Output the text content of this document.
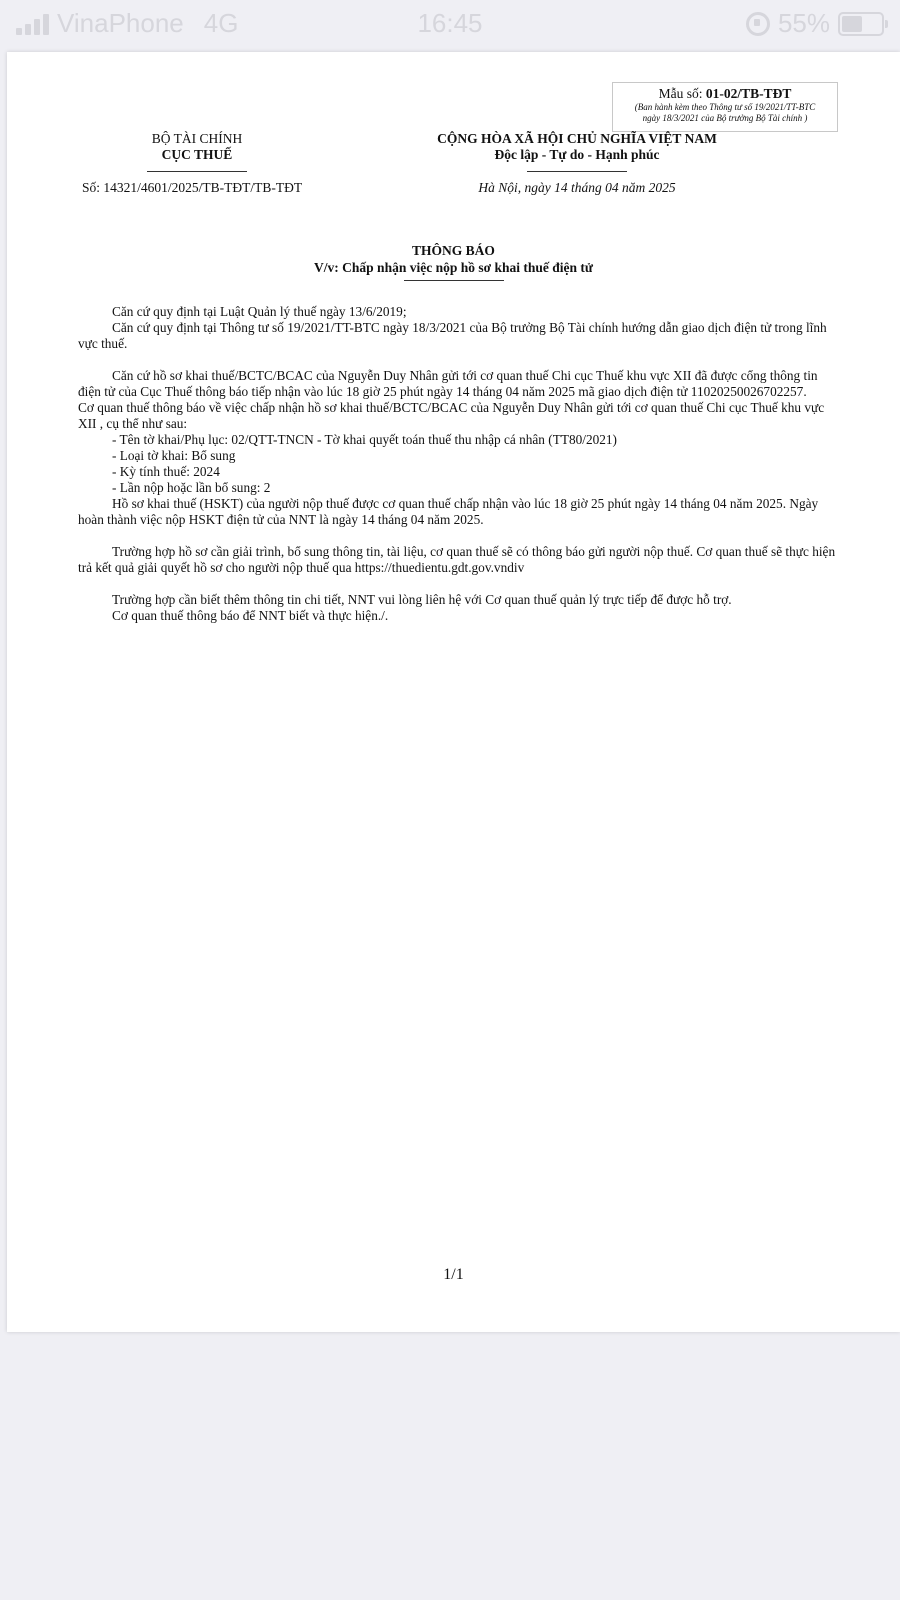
VinaPhone 4G	16:45	55%
Mẫu số: 01-02/TB-TĐT
(Ban hành kèm theo Thông tư số 19/2021/TT-BTC
ngày 18/3/2021 của Bộ trưởng Bộ Tài chính )
BỘ TÀI CHÍNH
CỤC THUẾ
CỘNG HÒA XÃ HỘI CHỦ NGHĨA VIỆT NAM
Độc lập - Tự do - Hạnh phúc
Số: 14321/4601/2025/TB-TĐT/TB-TĐT	Hà Nội, ngày 14 tháng 04 năm 2025
THÔNG BÁO
V/v: Chấp nhận việc nộp hồ sơ khai thuế điện tử

Căn cứ quy định tại Luật Quản lý thuế ngày 13/6/2019;

Căn cứ quy định tại Thông tư số 19/2021/TT-BTC ngày 18/3/2021 của Bộ trưởng Bộ Tài chính hướng dẫn giao dịch điện tử trong lĩnh vực thuế.

Căn cứ hồ sơ khai thuế/BCTC/BCAC của Nguyễn Duy Nhân gửi tới cơ quan thuế Chi cục Thuế khu vực XII đã được cổng thông tin điện tử của Cục Thuế thông báo tiếp nhận vào lúc 18 giờ 25 phút ngày 14 tháng 04 năm 2025 mã giao dịch điện tử 11020250026702257.

Cơ quan thuế thông báo về việc chấp nhận hồ sơ khai thuế/BCTC/BCAC của Nguyễn Duy Nhân gửi tới cơ quan thuế Chi cục Thuế khu vực XII , cụ thể như sau:

- Tên tờ khai/Phụ lục: 02/QTT-TNCN - Tờ khai quyết toán thuế thu nhập cá nhân (TT80/2021)

- Loại tờ khai: Bổ sung

- Kỳ tính thuế: 2024

- Lần nộp hoặc lần bổ sung: 2

Hồ sơ khai thuế (HSKT) của người nộp thuế được cơ quan thuế chấp nhận vào lúc 18 giờ 25 phút ngày 14 tháng 04 năm 2025. Ngày hoàn thành việc nộp HSKT điện tử của NNT là ngày 14 tháng 04 năm 2025.

Trường hợp hồ sơ cần giải trình, bổ sung thông tin, tài liệu, cơ quan thuế sẽ có thông báo gửi người nộp thuế. Cơ quan thuế sẽ thực hiện trả kết quả giải quyết hồ sơ cho người nộp thuế qua https://thuedientu.gdt.gov.vndiv

Trường hợp cần biết thêm thông tin chi tiết, NNT vui lòng liên hệ với Cơ quan thuế quản lý trực tiếp để được hỗ trợ.

Cơ quan thuế thông báo để NNT biết và thực hiện./.

1/1
